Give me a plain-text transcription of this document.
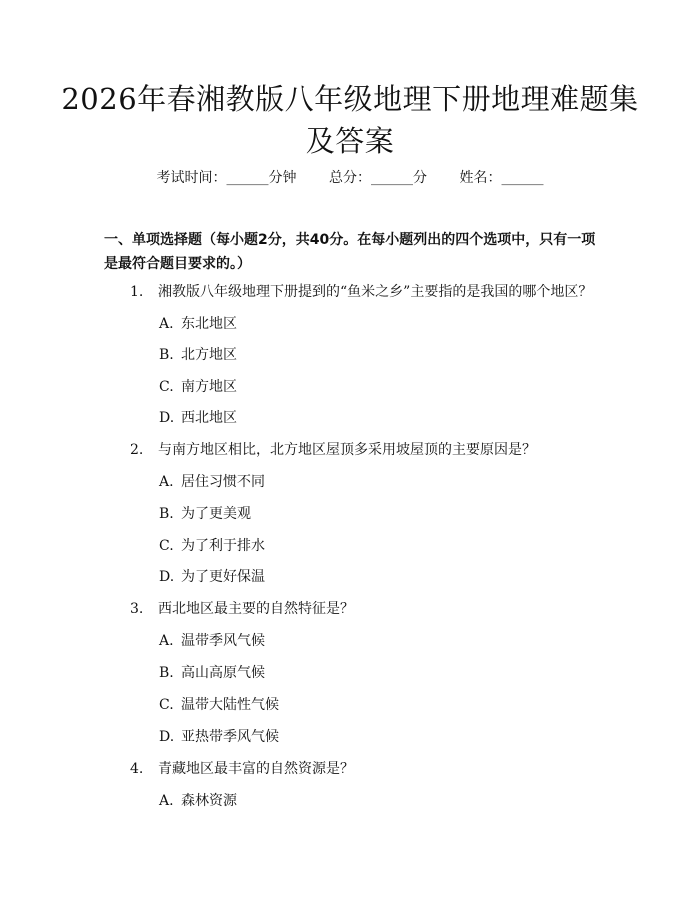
2026年春湘教版八年级地理下册地理难题集
及答案
考试时间：______分钟 总分：______分 姓名：______
一、单项选择题（每小题2分，共40分。在每小题列出的四个选项中，只有一项
是最符合题目要求的。）
1. 湘教版八年级地理下册提到的“鱼米之乡”主要指的是我国的哪个地区？
A. 东北地区
B. 北方地区
C. 南方地区
D. 西北地区
2. 与南方地区相比，北方地区屋顶多采用坡屋顶的主要原因是？
A. 居住习惯不同
B. 为了更美观
C. 为了利于排水
D. 为了更好保温
3. 西北地区最主要的自然特征是？
A. 温带季风气候
B. 高山高原气候
C. 温带大陆性气候
D. 亚热带季风气候
4. 青藏地区最丰富的自然资源是？
A. 森林资源
